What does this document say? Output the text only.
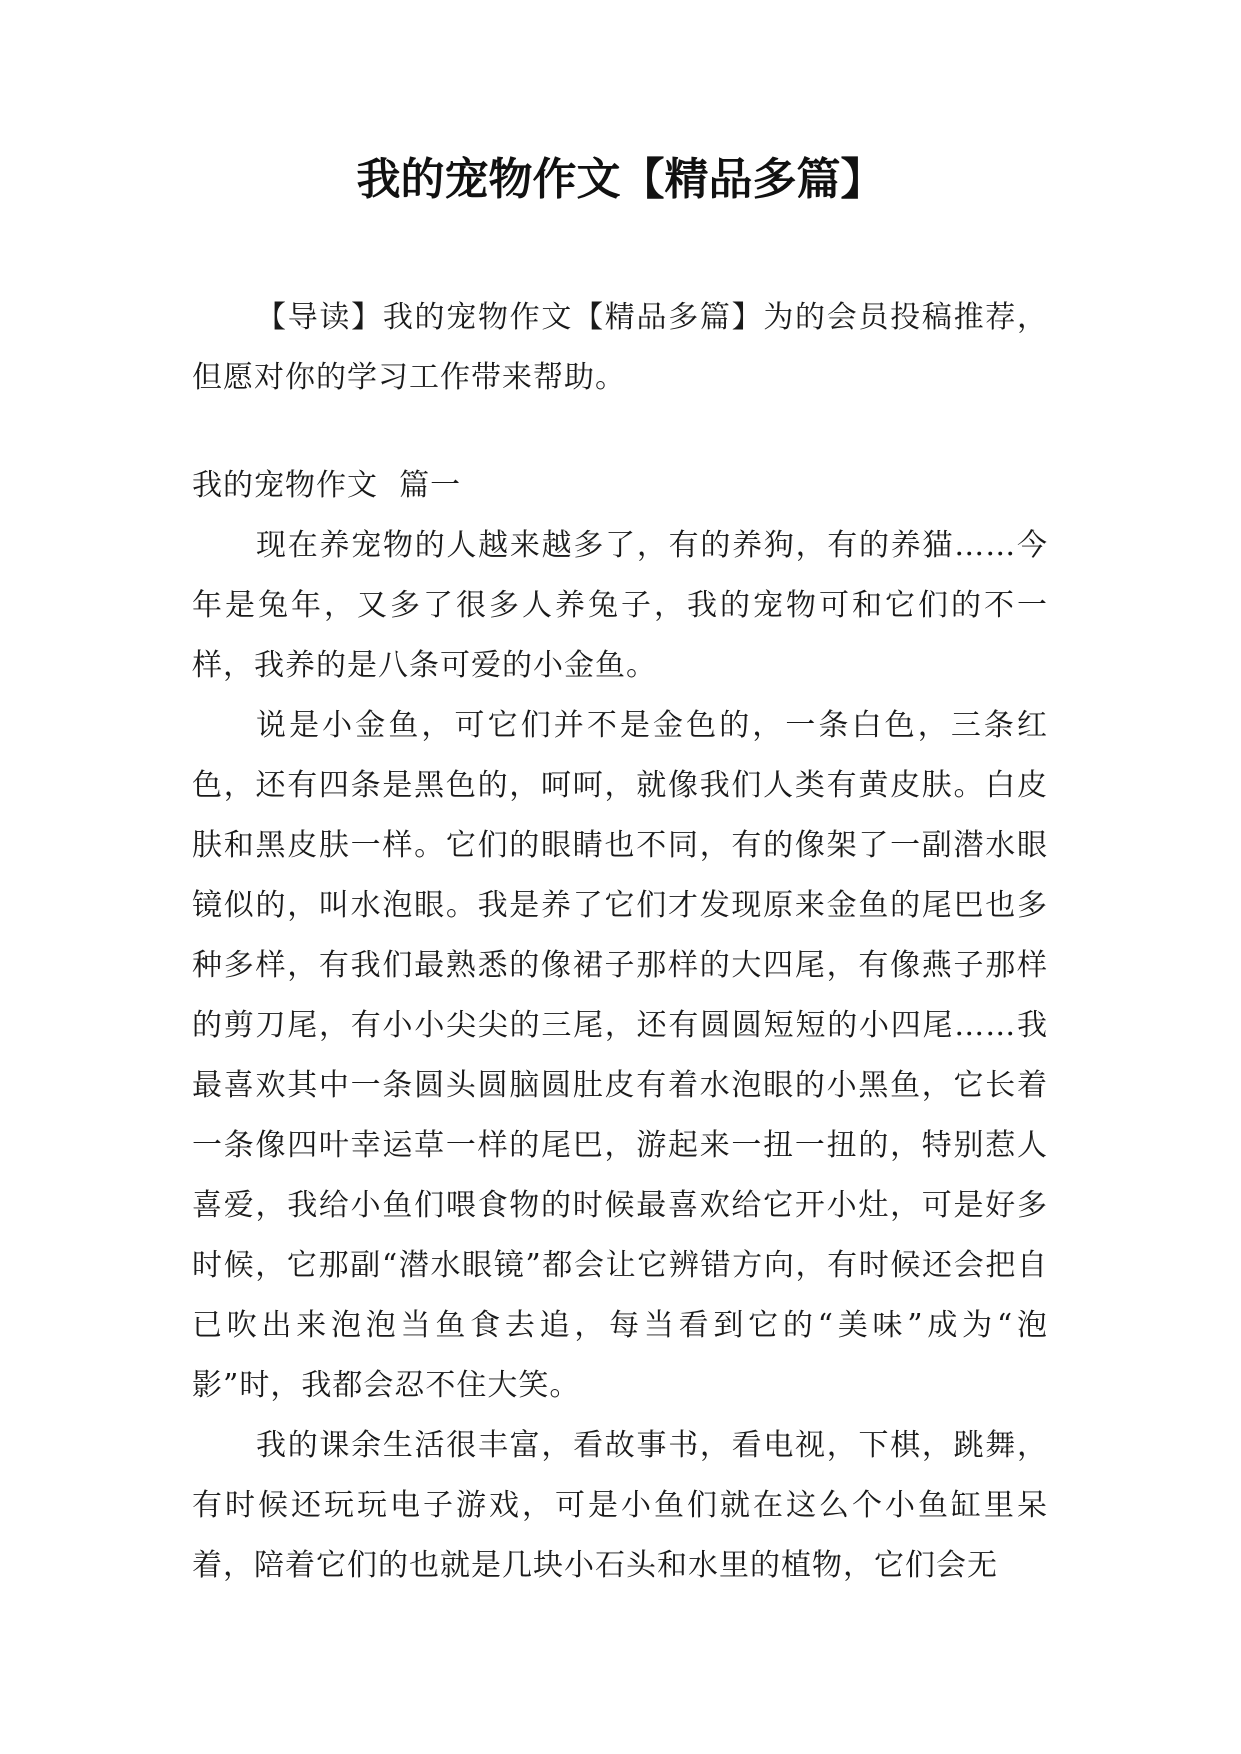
我的宠物作文【精品多篇】

【导读】我的宠物作文【精品多篇】为的会员投稿推荐，但愿对你的学习工作带来帮助。

我的宠物作文  篇一

现在养宠物的人越来越多了，有的养狗，有的养猫……今年是兔年，又多了很多人养兔子，我的宠物可和它们的不一样，我养的是八条可爱的小金鱼。

说是小金鱼，可它们并不是金色的，一条白色，三条红色，还有四条是黑色的，呵呵，就像我们人类有黄皮肤。白皮肤和黑皮肤一样。它们的眼睛也不同，有的像架了一副潜水眼镜似的，叫水泡眼。我是养了它们才发现原来金鱼的尾巴也多种多样，有我们最熟悉的像裙子那样的大四尾，有像燕子那样的剪刀尾，有小小尖尖的三尾，还有圆圆短短的小四尾……我最喜欢其中一条圆头圆脑圆肚皮有着水泡眼的小黑鱼，它长着一条像四叶幸运草一样的尾巴，游起来一扭一扭的，特别惹人喜爱，我给小鱼们喂食物的时候最喜欢给它开小灶，可是好多时候，它那副“潜水眼镜”都会让它辨错方向，有时候还会把自已吹出来泡泡当鱼食去追，每当看到它的“美味”成为“泡影”时，我都会忍不住大笑。

我的课余生活很丰富，看故事书，看电视，下棋，跳舞，有时候还玩玩电子游戏，可是小鱼们就在这么个小鱼缸里呆着，陪着它们的也就是几块小石头和水里的植物，它们会无
